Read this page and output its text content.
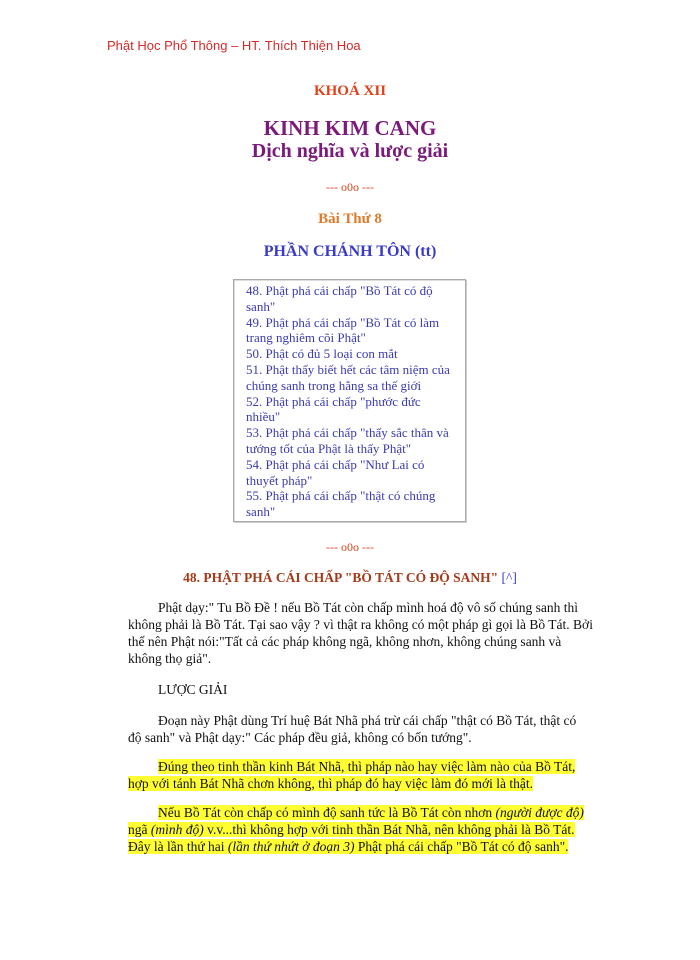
Phật Học Phổ Thông – HT. Thích Thiện Hoa
KHOÁ XII
KINH KIM CANG
Dịch nghĩa và lược giải
--- o0o ---
Bài Thứ 8
PHẦN CHÁNH TÔN (tt)
48. Phật phá cái chấp "Bồ Tát có độ
sanh"
49. Phật phá cái chấp "Bồ Tát có làm
trang nghiêm cõi Phật"
50. Phật có đủ 5 loại con mắt
51. Phật thấy biết hết các tâm niệm của
chúng sanh trong hằng sa thế giới
52. Phật phá cái chấp "phước đức
nhiều"
53. Phật phá cái chấp "thấy sắc thân và
tướng tốt của Phật là thấy Phật"
54. Phật phá cái chấp "Như Lai có
thuyết pháp"
55. Phật phá cái chấp "thật có chúng
sanh"
--- o0o ---
48. PHẬT PHÁ CÁI CHẤP "BỒ TÁT CÓ ĐỘ SANH" [^]
Phật dạy:" Tu Bồ Đề ! nếu Bồ Tát còn chấp mình hoá độ vô số chúng sanh thì
không phải là Bồ Tát. Tại sao vậy ? vì thật ra không có một pháp gì gọi là Bồ Tát. Bởi
thế nên Phật nói:"Tất cả các pháp không ngã, không nhơn, không chúng sanh và
không thọ giả".
LƯỢC GIẢI
Đoạn này Phật dùng Trí huệ Bát Nhã phá trừ cái chấp "thật có Bồ Tát, thật có
độ sanh" và Phật dạy:" Các pháp đều giả, không có bốn tướng".
Đúng theo tinh thần kinh Bát Nhã, thì pháp nào hay việc làm nào của Bồ Tát,
hợp với tánh Bát Nhã chơn không, thì pháp đó hay việc làm đó mới là thật.
Nếu Bồ Tát còn chấp có mình độ sanh tức là Bồ Tát còn nhơn (người được độ)
ngã (mình độ) v.v...thì không hợp với tinh thần Bát Nhã, nên không phải là Bồ Tát.
Đây là lần thứ hai (lần thứ nhứt ở đoạn 3) Phật phá cái chấp "Bồ Tát có độ sanh".
